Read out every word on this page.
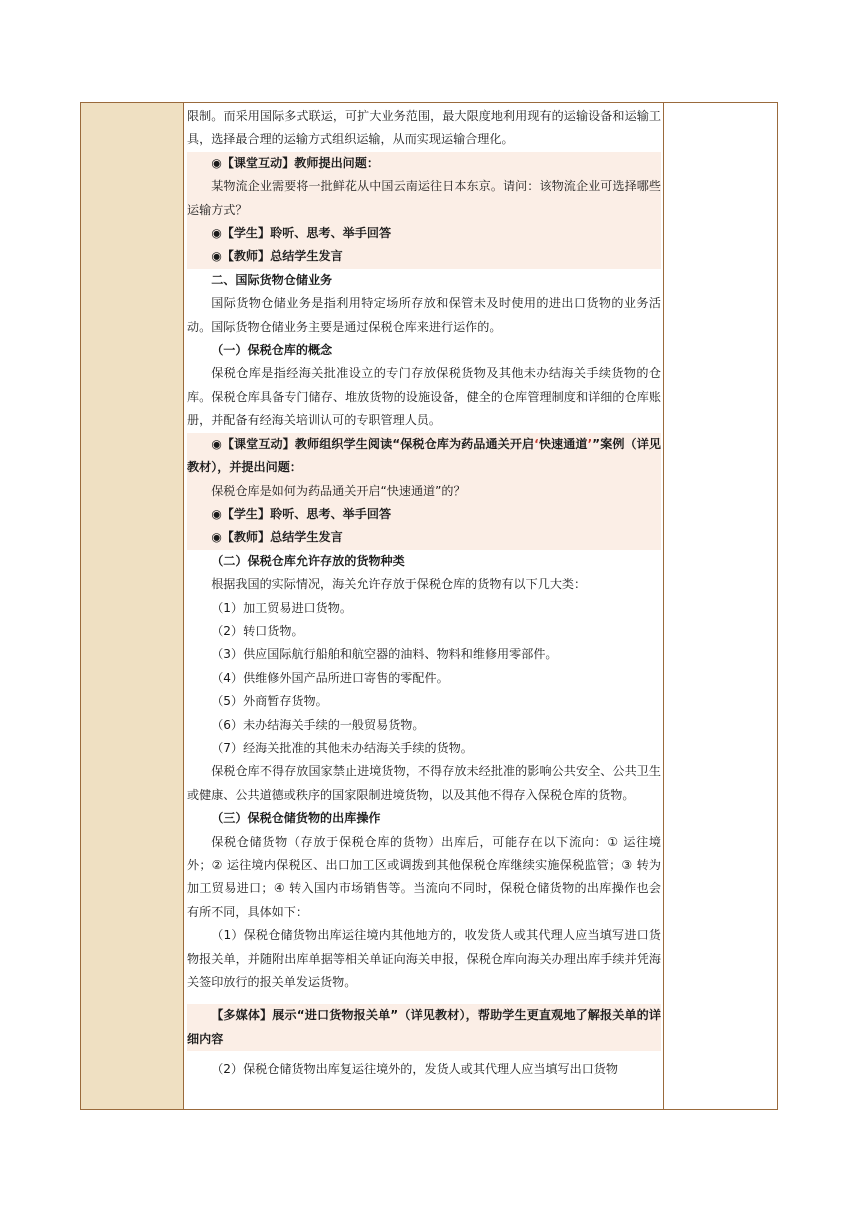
限制。而采用国际多式联运，可扩大业务范围，最大限度地利用现有的运输设备和运输工具，选择最合理的运输方式组织运输，从而实现运输合理化。

◉【课堂互动】教师提出问题：

某物流企业需要将一批鲜花从中国云南运往日本东京。请问：该物流企业可选择哪些运输方式？

◉【学生】聆听、思考、举手回答

◉【教师】总结学生发言

二、国际货物仓储业务

国际货物仓储业务是指利用特定场所存放和保管未及时使用的进出口货物的业务活动。国际货物仓储业务主要是通过保税仓库来进行运作的。

（一）保税仓库的概念

保税仓库是指经海关批准设立的专门存放保税货物及其他未办结海关手续货物的仓库。保税仓库具备专门储存、堆放货物的设施设备，健全的仓库管理制度和详细的仓库账册，并配备有经海关培训认可的专职管理人员。

◉【课堂互动】教师组织学生阅读“保税仓库为药品通关开启‘快速通道’”案例（详见教材），并提出问题：

保税仓库是如何为药品通关开启“快速通道”的？

◉【学生】聆听、思考、举手回答

◉【教师】总结学生发言

（二）保税仓库允许存放的货物种类

根据我国的实际情况，海关允许存放于保税仓库的货物有以下几大类：

（1）加工贸易进口货物。

（2）转口货物。

（3）供应国际航行船舶和航空器的油料、物料和维修用零部件。

（4）供维修外国产品所进口寄售的零配件。

（5）外商暂存货物。

（6）未办结海关手续的一般贸易货物。

（7）经海关批准的其他未办结海关手续的货物。

保税仓库不得存放国家禁止进境货物，不得存放未经批准的影响公共安全、公共卫生或健康、公共道德或秩序的国家限制进境货物，以及其他不得存入保税仓库的货物。

（三）保税仓储货物的出库操作

保税仓储货物（存放于保税仓库的货物）出库后，可能存在以下流向：① 运往境外；② 运往境内保税区、出口加工区或调拨到其他保税仓库继续实施保税监管；③ 转为加工贸易进口；④ 转入国内市场销售等。当流向不同时，保税仓储货物的出库操作也会有所不同，具体如下：

（1）保税仓储货物出库运往境内其他地方的，收发货人或其代理人应当填写进口货物报关单，并随附出库单据等相关单证向海关申报，保税仓库向海关办理出库手续并凭海关签印放行的报关单发运货物。

【多媒体】展示“进口货物报关单”（详见教材），帮助学生更直观地了解报关单的详细内容

（2）保税仓储货物出库复运往境外的，发货人或其代理人应当填写出口货物
